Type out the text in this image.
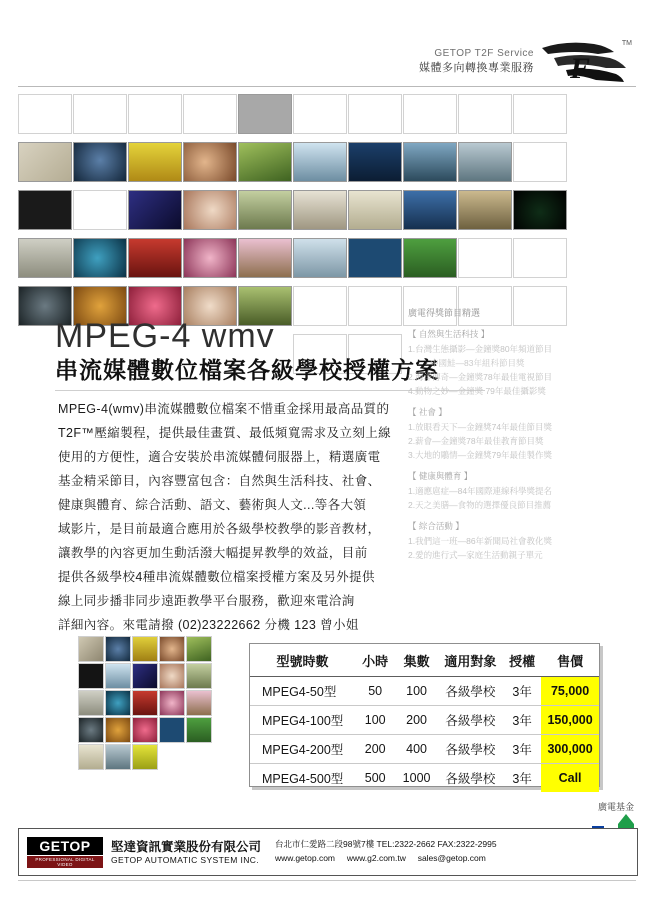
GETOP T2F Service
媒體多向轉換專業服務 F
TM
MPEG-4 wmv
串流媒體數位檔案各級學校授權方案

MPEG-4(wmv)串流媒體數位檔案不惜重金採用最高品質的

T2F™壓縮製程，提供最佳畫質、最低頻寬需求及立刻上線

使用的方便性，適合安裝於串流媒體伺服器上，精選廣電

基金精采節目，內容豐富包含：自然與生活科技、社會、

健康與體育、綜合活動、語文、藝術與人文...等各大領

域影片，是目前最適合應用於各級學校教學的影音教材，

讓教學的內容更加生動活潑大幅提昇教學的效益，目前

提供各級學校4種串流媒體數位檔案授權方案及另外提供

線上同步播非同步遠距教學平台服務，歡迎來電洽詢

詳細內容。來電請撥 (02)23222662 分機 123 曾小姐

廣電得獎節目精選
【 自然與生活科技 】
1.台灣生態攝影—金鐘獎80年頻道節目
中國鮭—83年組科節目獎
2.海洋傳奇—金鐘獎78年最佳電視節目
4.動物之妙—金鐘獎 79年最佳攝影獎
【 社會 】
1.放眼看天下—金鐘獎74年最佳節目獎
2.薪會—金鐘獎78年最佳教育節目獎
3.大地的鵰情—金鐘獎79年最佳製作獎
【 健康與體育 】
1.適應扈症—84年國際連線科學獎提名
2.天之美膳—食物的選擇優良節目推薦
【 綜合活動 】
1.我們這一班—86年新聞局社會教化獎
2.愛的進行式—家庭生活動親子單元
型號時數	小時	集數	適用對象	授權	售價
MPEG4-50型	50	100	各級學校	3年	75,000
MPEG4-100型	100	200	各級學校	3年	150,000
MPEG4-200型	200	400	各級學校	3年	300,000
MPEG4-500型	500	1000	各級學校	3年	Call
廣電基金
GETOP
PROFESSIONAL DIGITAL VIDEO
堅達資訊實業股份有限公司
GETOP AUTOMATIC SYSTEM INC.
台北市仁愛路二段98號7樓 TEL:2322-2662 FAX:2322-2995
www.getop.com www.g2.com.tw sales@getop.com
